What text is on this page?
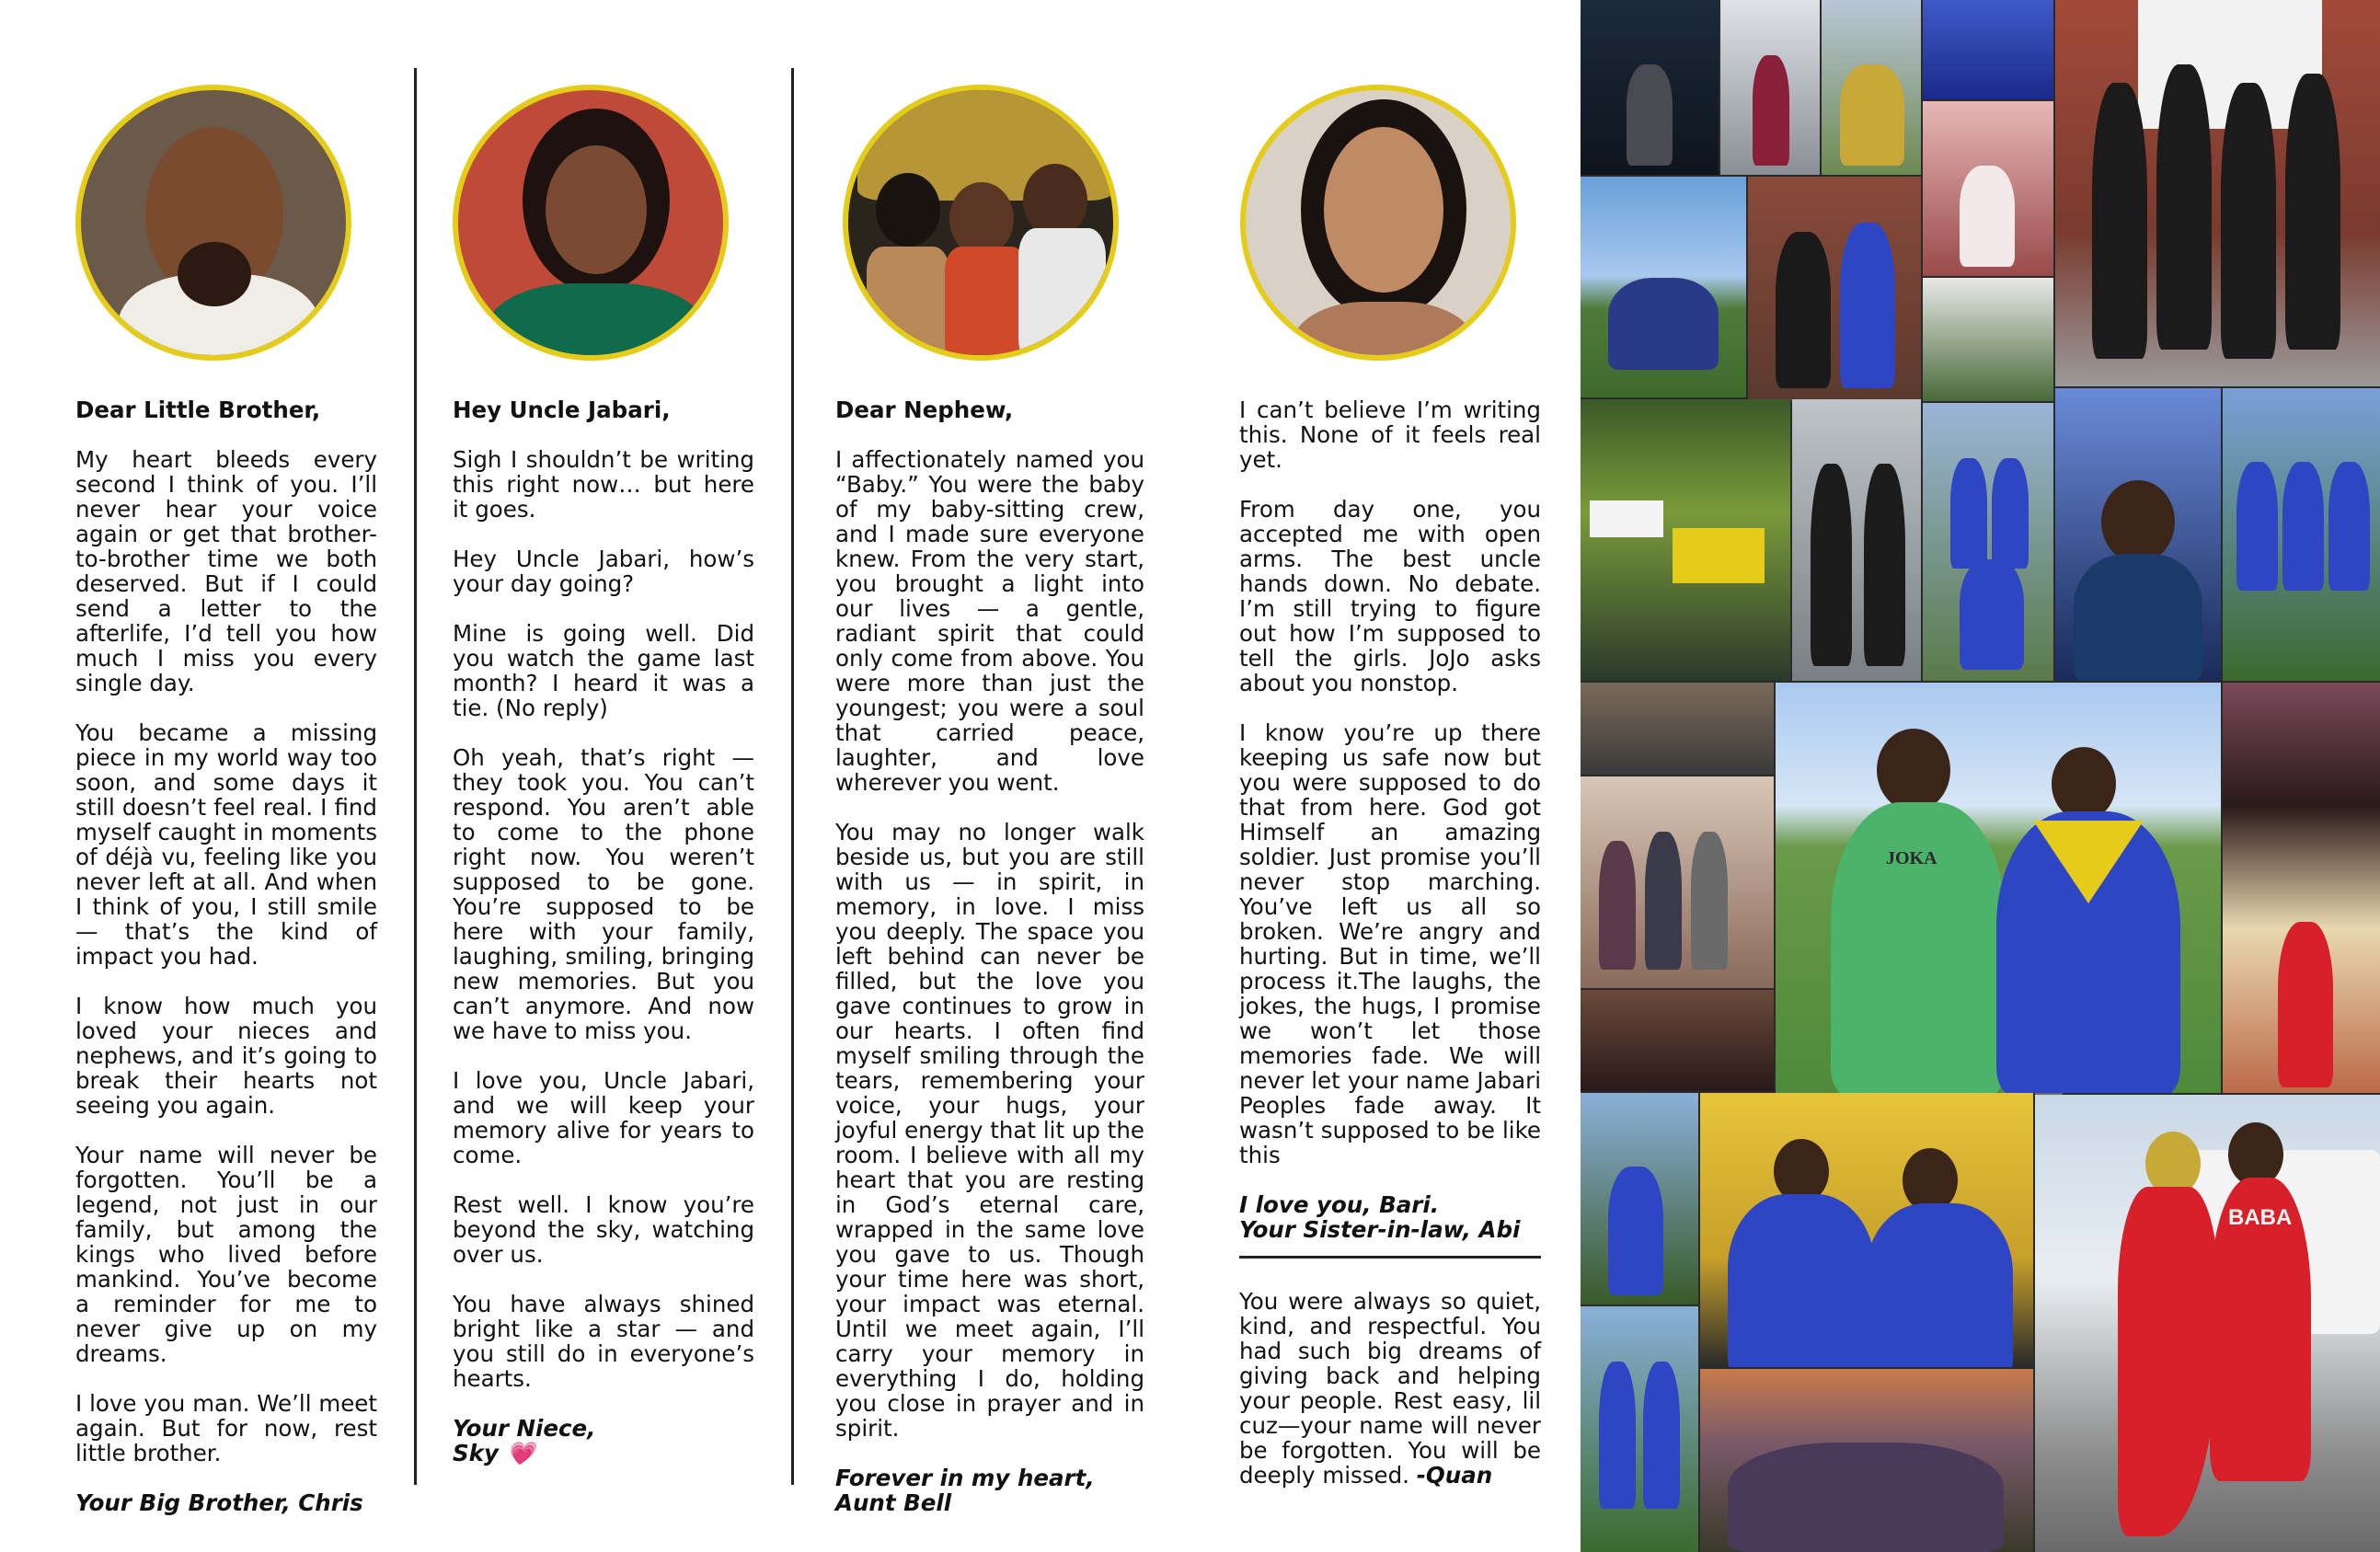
Dear Little Brother,

My heart bleeds every second I think of you. I’ll never hear your voice again or get that brother-to-brother time we both deserved. But if I could send a letter to the afterlife, I’d tell you how much I miss you every single day.

You became a missing piece in my world way too soon, and some days it still doesn’t feel real. I find myself caught in moments of déjà vu, feeling like you never left at all. And when I think of you, I still smile — that’s the kind of impact you had.

I know how much you loved your nieces and nephews, and it’s going to break their hearts not seeing you again.

Your name will never be forgotten. You’ll be a legend, not just in our family, but among the kings who lived before mankind. You’ve become a reminder for me to never give up on my dreams.

I love you man. We’ll meet again. But for now, rest little brother.

Your Big Brother, Chris

Hey Uncle Jabari,

Sigh I shouldn’t be writing this right now… but here it goes.

Hey Uncle Jabari, how’s your day going?

Mine is going well. Did you watch the game last month? I heard it was a tie. (No reply)

Oh yeah, that’s right — they took you. You can’t respond. You aren’t able to come to the phone right now. You weren’t supposed to be gone. You’re supposed to be here with your family, laughing, smiling, bringing new memories. But you can’t anymore. And now we have to miss you.

I love you, Uncle Jabari, and we will keep your memory alive for years to come.

Rest well. I know you’re beyond the sky, watching over us.

You have always shined bright like a star — and you still do in everyone’s hearts.

Your Niece,
Sky 💗

Dear Nephew,

I affectionately named you “Baby.” You were the baby of my baby-sitting crew, and I made sure everyone knew. From the very start, you brought a light into our lives — a gentle, radiant spirit that could only come from above. You were more than just the youngest; you were a soul that carried peace, laughter, and love wherever you went.

You may no longer walk beside us, but you are still with us — in spirit, in memory, in love. I miss you deeply. The space you left behind can never be filled, but the love you gave continues to grow in our hearts. I often find myself smiling through the tears, remembering your voice, your hugs, your joyful energy that lit up the room. I believe with all my heart that you are resting in God’s eternal care, wrapped in the same love you gave to us. Though your time here was short, your impact was eternal. Until we meet again, I’ll carry your memory in everything I do, holding you close in prayer and in spirit.

Forever in my heart,
Aunt Bell

I can’t believe I’m writing this. None of it feels real yet.

From day one, you accepted me with open arms. The best uncle hands down. No debate. I’m still trying to figure out how I’m supposed to tell the girls. JoJo asks about you nonstop.

I know you’re up there keeping us safe now but you were supposed to do that from here. God got Himself an amazing soldier. Just promise you’ll never stop marching. You’ve left us all so broken. We’re angry and hurting. But in time, we’ll process it.The laughs, the jokes, the hugs, I promise we won’t let those memories fade. We will never let your name Jabari Peoples fade away. It wasn’t supposed to be like this

I love you, Bari.
Your Sister-in-law, Abi

You were always so quiet, kind, and respectful. You had such big dreams of giving back and helping your people. Rest easy, lil cuz—your name will never be forgotten. You will be deeply missed. -Quan

JOKA
BABA
